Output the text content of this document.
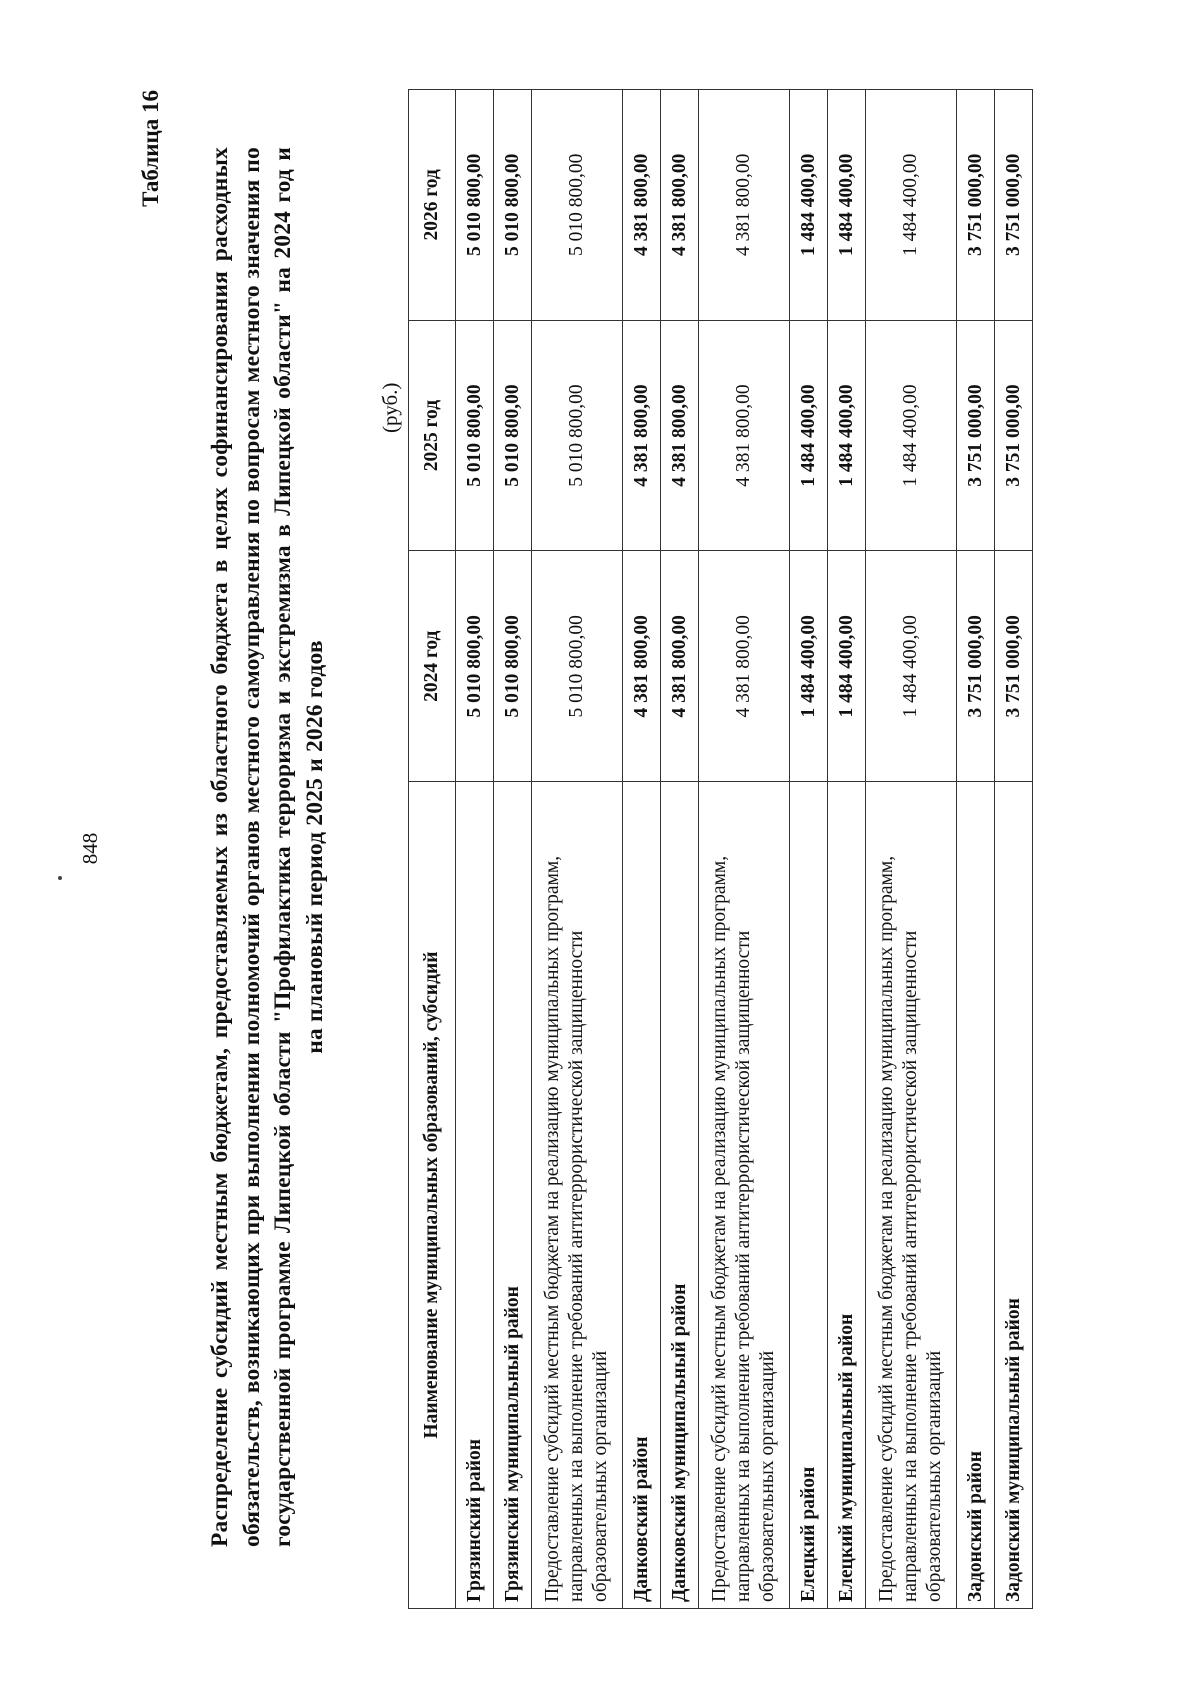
848
Таблица 16 Распределение субсидий местным бюджетам, предоставляемых из областного бюджета в целях софинансирования расходных обязательств, возникающих при выполнении полномочий органов местного самоуправления по вопросам местного значения по государственной программе Липецкой области "Профилактика терроризма и экстремизма в Липецкой области" на 2024 год и на плановый период 2025 и 2026 годов
(руб.)
Наименование муниципальных образований, субсидий	2024 год	2025 год	2026 год
Грязинский район	5 010 800,00	5 010 800,00	5 010 800,00
Грязинский муниципальный район	5 010 800,00	5 010 800,00	5 010 800,00
Предоставление субсидий местным бюджетам на реализацию муниципальных программ, направленных на выполнение требований антитеррористической защищенности образовательных организаций	5 010 800,00	5 010 800,00	5 010 800,00
Данковский район	4 381 800,00	4 381 800,00	4 381 800,00
Данковский муниципальный район	4 381 800,00	4 381 800,00	4 381 800,00
Предоставление субсидий местным бюджетам на реализацию муниципальных программ, направленных на выполнение требований антитеррористической защищенности образовательных организаций	4 381 800,00	4 381 800,00	4 381 800,00
Елецкий район	1 484 400,00	1 484 400,00	1 484 400,00
Елецкий муниципальный район	1 484 400,00	1 484 400,00	1 484 400,00
Предоставление субсидий местным бюджетам на реализацию муниципальных программ, направленных на выполнение требований антитеррористической защищенности образовательных организаций	1 484 400,00	1 484 400,00	1 484 400,00
Задонский район	3 751 000,00	3 751 000,00	3 751 000,00
Задонский муниципальный район	3 751 000,00	3 751 000,00	3 751 000,00
